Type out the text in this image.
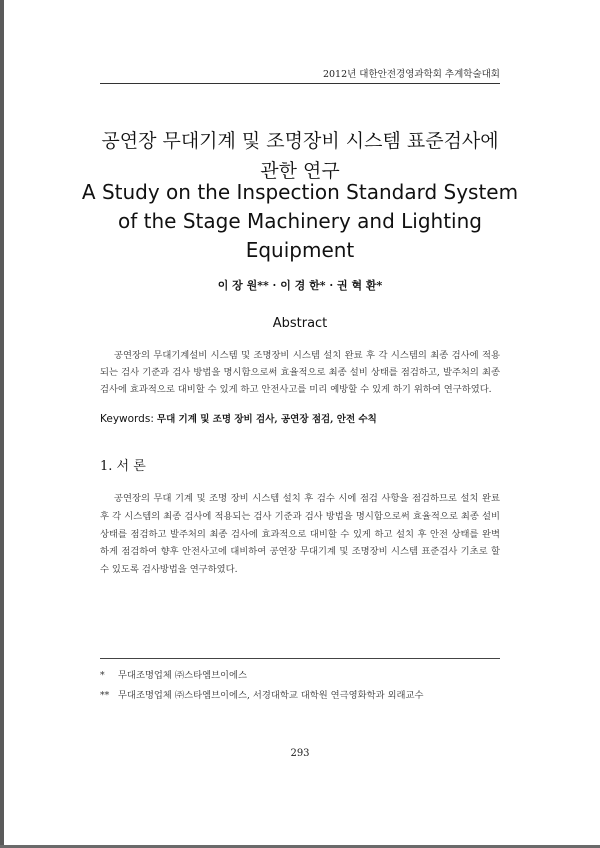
2012년 대한안전경영과학회 추계학술대회
공연장 무대기계 및 조명장비 시스템 표준검사에
관한 연구
A Study on the Inspection Standard System
of the Stage Machinery and Lighting
Equipment
이 장 원** · 이 경 한* · 권 혁 환*
Abstract

공연장의 무대기계설비 시스템 및 조명장비 시스템 설치 완료 후 각 시스템의 최종 검사에 적용되는 검사 기준과 검사 방법을 명시함으로써 효율적으로 최종 설비 상태를 점검하고, 발주처의 최종 검사에 효과적으로 대비할 수 있게 하고 안전사고를 미리 예방할 수 있게 하기 위하여 연구하였다.

Keywords: 무대 기계 및 조명 장비 검사, 공연장 점검, 안전 수칙
1. 서 론

공연장의 무대 기계 및 조명 장비 시스템 설치 후 검수 시에 점검 사항을 점검하므로 설치 완료 후 각 시스템의 최종 검사에 적용되는 검사 기준과 검사 방법을 명시함으로써 효율적으로 최종 설비 상태를 점검하고 발주처의 최종 검사에 효과적으로 대비할 수 있게 하고 설치 후 안전 상태를 완벽하게 점검하여 향후 안전사고에 대비하여 공연장 무대기계 및 조명장비 시스템 표준검사 기초로 할 수 있도록 검사방법을 연구하였다.

*	무대조명업체 ㈜스타엠브이에스
** 무대조명업체 ㈜스타엠브이에스, 서경대학교 대학원 연극영화학과 외래교수
293
